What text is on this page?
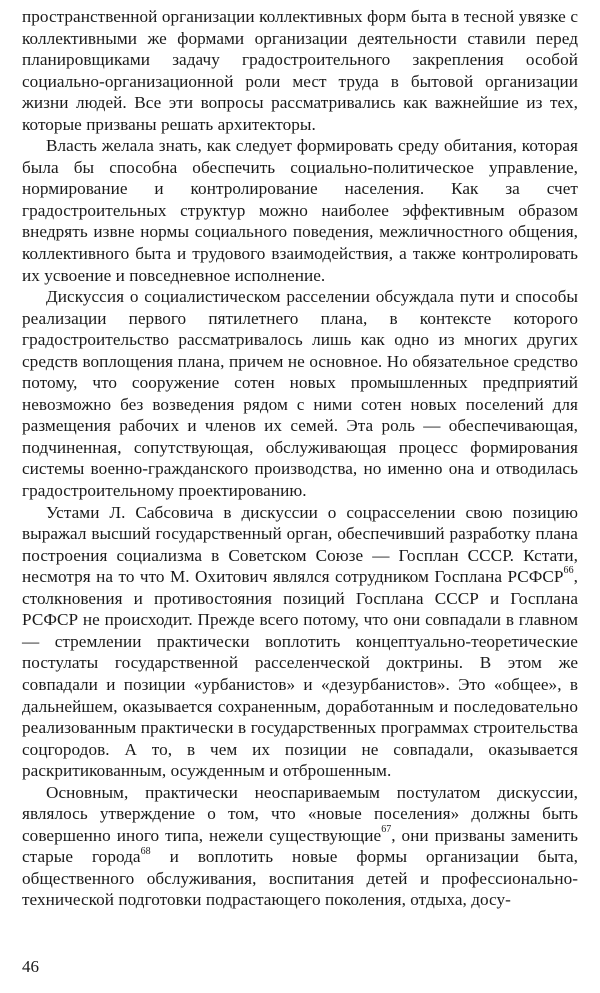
пространственной организации коллективных форм быта в тесной увязке с коллективными же формами организации деятельности ставили перед планировщиками задачу градостроительного закрепления особой социально-организационной роли мест труда в бытовой организации жизни людей. Все эти вопросы рассматривались как важнейшие из тех, которые призваны решать архитекторы.

Власть желала знать, как следует формировать среду обитания, которая была бы способна обеспечить социально-политическое управление, нормирование и контролирование населения. Как за счет градостроительных структур можно наиболее эффективным образом внедрять извне нормы социального поведения, межличностного общения, коллективного быта и трудового взаимодействия, а также контролировать их усвоение и повседневное исполнение.

Дискуссия о социалистическом расселении обсуждала пути и способы реализации первого пятилетнего плана, в контексте которого градостроительство рассматривалось лишь как одно из многих других средств воплощения плана, причем не основное. Но обязательное средство потому, что сооружение сотен новых промышленных предприятий невозможно без возведения рядом с ними сотен новых поселений для размещения рабочих и членов их семей. Эта роль — обеспечивающая, подчиненная, сопутствующая, обслуживающая процесс формирования системы военно-гражданского производства, но именно она и отводилась градостроительному проектированию.

Устами Л. Сабсовича в дискуссии о соцрасселении свою позицию выражал высший государственный орган, обеспечивший разработку плана построения социализма в Советском Союзе — Госплан СССР. Кстати, несмотря на то что М. Охитович являлся сотрудником Госплана РСФСР$^{66}$, столкновения и противостояния позиций Госплана СССР и Госплана РСФСР не происходит. Прежде всего потому, что они совпадали в главном — стремлении практически воплотить концептуально-теоретические постулаты государственной расселенческой доктрины. В этом же совпадали и позиции «урбанистов» и «дезурбанистов». Это «общее», в дальнейшем, оказывается сохраненным, доработанным и последовательно реализованным практически в государственных программах строительства соцгородов. А то, в чем их позиции не совпадали, оказывается раскритикованным, осужденным и отброшенным.

Основным, практически неоспариваемым постулатом дискуссии, являлось утверждение о том, что «новые поселения» должны быть совершенно иного типа, нежели существующие$^{67}$, они призваны заменить старые города$^{68}$ и воплотить новые формы организации быта, общественного обслуживания, воспитания детей и профессионально-технической подготовки подрастающего поколения, отдыха, досу-

46
